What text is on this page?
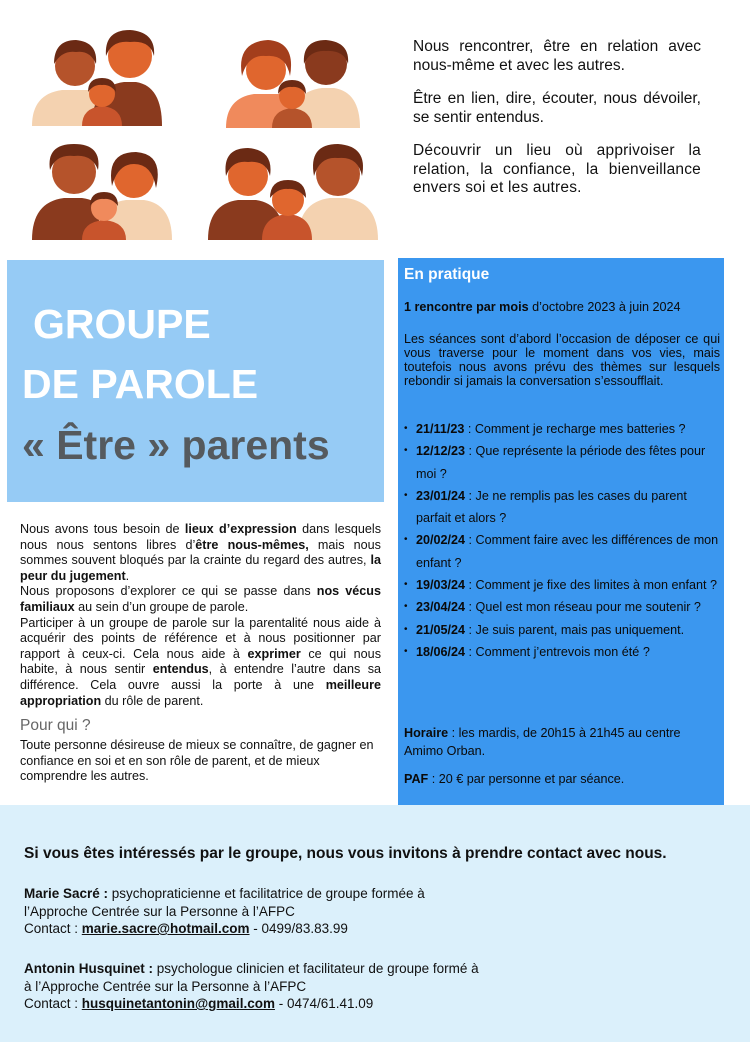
Nous rencontrer, être en relation avec nous-même et avec les autres.

Être en lien, dire, écouter, nous dévoiler, se sentir entendus.

Découvrir un lieu où apprivoiser la relation, la confiance, la bienveillance envers soi et les autres.

GROUPE
DE PAROLE
« Être » parents
Nous avons tous besoin de lieux d’expression dans lesquels nous nous sentons libres d’être nous-mêmes, mais nous sommes souvent bloqués par la crainte du regard des autres, la peur du jugement.
Nous proposons d’explorer ce qui se passe dans nos vécus familiaux au sein d’un groupe de parole.
Participer à un groupe de parole sur la parentalité nous aide à acquérir des points de référence et à nous positionner par rapport à ceux-ci. Cela nous aide à exprimer ce qui nous habite, à nous sentir entendus, à entendre l’autre dans sa différence. Cela ouvre aussi la porte à une meilleure appropriation du rôle de parent.
Pour qui ?
Toute personne désireuse de mieux se connaître, de gagner en confiance en soi et en son rôle de parent, et de mieux comprendre les autres.
En pratique
1 rencontre par mois d’octobre 2023 à juin 2024
Les séances sont d’abord l’occasion de déposer ce qui vous traverse pour le moment dans vos vies, mais toutefois nous avons prévu des thèmes sur lesquels rebondir si jamais la conversation s’essoufflait.
• 21/11/23 : Comment je recharge mes batteries ?
• 12/12/23 : Que représente la période des fêtes pour moi ?
• 23/01/24 : Je ne remplis pas les cases du parent parfait et alors ?
• 20/02/24 : Comment faire avec les différences de mon enfant ?
• 19/03/24 : Comment je fixe des limites à mon enfant ?
• 23/04/24 : Quel est mon réseau pour me soutenir ?
• 21/05/24 : Je suis parent, mais pas uniquement.
• 18/06/24 : Comment j’entrevois mon été ?
Horaire : les mardis, de 20h15 à 21h45 au centre Amimo Orban.
PAF : 20 € par personne et par séance.
Si vous êtes intéressés par le groupe, nous vous invitons à prendre contact avec nous.
Marie Sacré : psychopraticienne et facilitatrice de groupe formée à
l’Approche Centrée sur la Personne à l’AFPC
Contact : marie.sacre@hotmail.com - 0499/83.83.99
Antonin Husquinet : psychologue clinicien et facilitateur de groupe formé à
à l’Approche Centrée sur la Personne à l’AFPC
Contact : husquinetantonin@gmail.com - 0474/61.41.09
